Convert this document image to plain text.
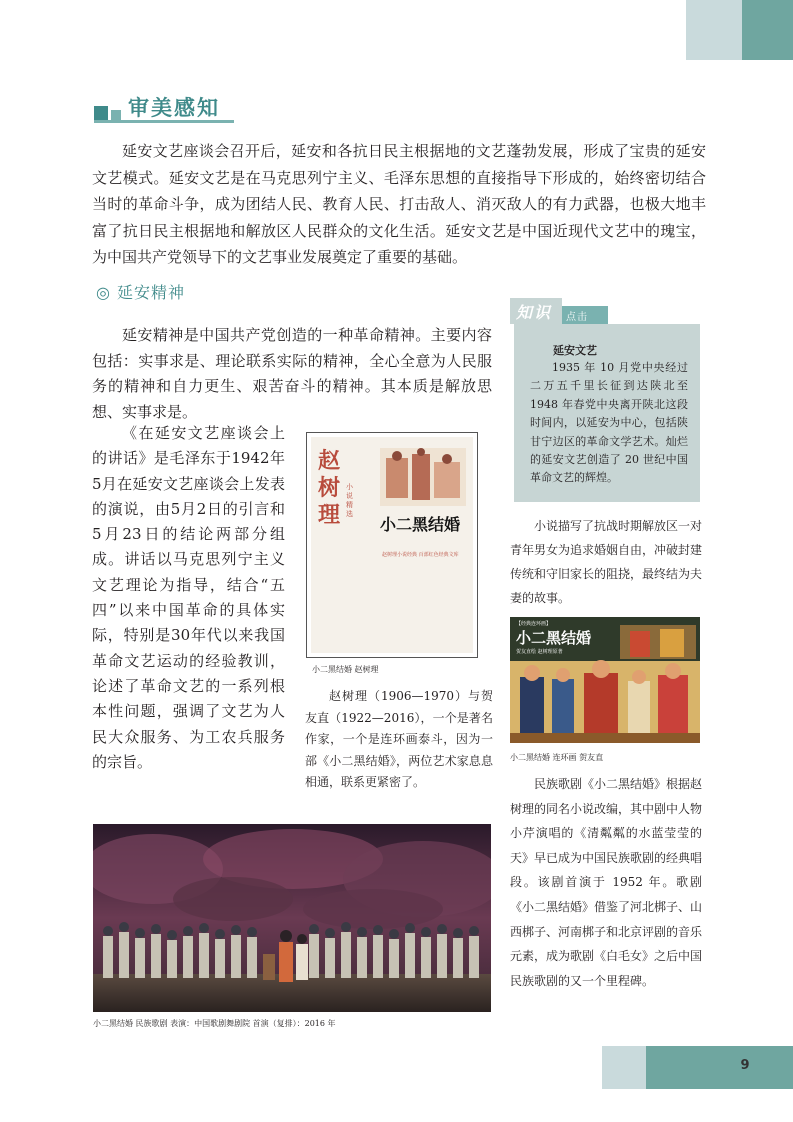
9
审美感知

延安文艺座谈会召开后，延安和各抗日民主根据地的文艺蓬勃发展，形成了宝贵的延安文艺模式。延安文艺是在马克思列宁主义、毛泽东思想的直接指导下形成的，始终密切结合当时的革命斗争，成为团结人民、教育人民、打击敌人、消灭敌人的有力武器，也极大地丰富了抗日民主根据地和解放区人民群众的文化生活。延安文艺是中国近现代文艺中的瑰宝，为中国共产党领导下的文艺事业发展奠定了重要的基础。

◎ 延安精神

延安精神是中国共产党创造的一种革命精神。主要内容包括：实事求是、理论联系实际的精神，全心全意为人民服务的精神和自力更生、艰苦奋斗的精神。其本质是解放思想、实事求是。

《在延安文艺座谈会上的讲话》是毛泽东于1942年5月在延安文艺座谈会上发表的演说，由5月2日的引言和5月23日的结论两部分组成。讲话以马克思列宁主义文艺理论为指导，结合“五四”以来中国革命的具体实际，特别是30年代以来我国革命文艺运动的经验教训，论述了革命文艺的一系列根本性问题，强调了文艺为人民大众服务、为工农兵服务的宗旨。

赵树理
小说精选
小二黑结婚
赵树理小说经典 百部红色经典文库
小二黑结婚 赵树理

赵树理（1906—1970）与贺友直（1922—2016），一个是著名作家，一个是连环画泰斗，因为一部《小二黑结婚》，两位艺术家息息相通，联系更紧密了。

小二黑结婚 民族歌剧 表演：中国歌剧舞剧院 首演（复排）：2016 年
知识 点击
延安文艺

1935 年 10 月党中央经过二万五千里长征到达陕北至 1948 年春党中央离开陕北这段时间内，以延安为中心，包括陕甘宁边区的革命文学艺术。灿烂的延安文艺创造了 20 世纪中国革命文艺的辉煌。

小说描写了抗战时期解放区一对青年男女为追求婚姻自由，冲破封建传统和守旧家长的阻挠，最终结为夫妻的故事。

【经典连环画】
小二黑结婚
贺友直绘 赵树理原著
小二黑结婚 连环画 贺友直

民族歌剧《小二黑结婚》根据赵树理的同名小说改编，其中剧中人物小芹演唱的《清粼粼的水蓝莹莹的天》早已成为中国民族歌剧的经典唱段。该剧首演于 1952 年。歌剧《小二黑结婚》借鉴了河北梆子、山西梆子、河南梆子和北京评剧的音乐元素，成为歌剧《白毛女》之后中国民族歌剧的又一个里程碑。
